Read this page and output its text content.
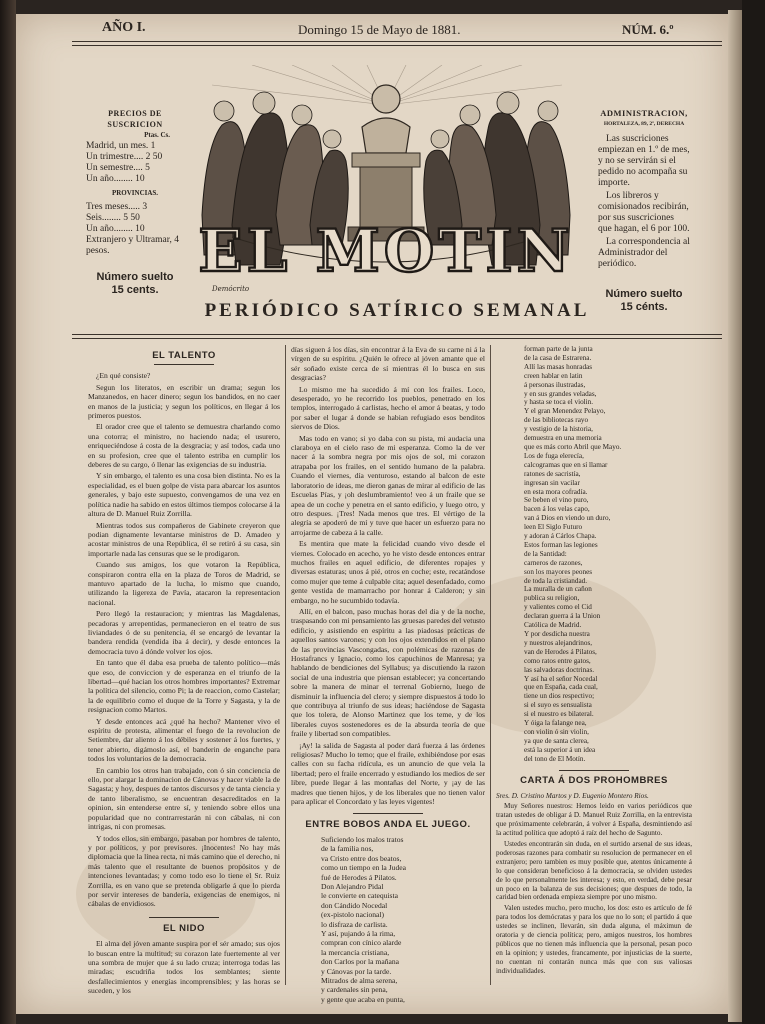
AÑO I.	Domingo 15 de Mayo de 1881.	NÚM. 6.º
PRECIOS DE SUSCRICION
Ptas. Cs.
Madrid, un mes. 1
Un trimestre.... 2 50
Un semestre.... 5
Un año........ 10
PROVINCIAS.
Tres meses..... 3
Seis........ 5 50
Un año........ 10
Extranjero y Ultramar, 4 pesos.
Número suelto
15 cents.
ADMINISTRACION,
HORTALEZA, 89, 2º, DERECHA
Las suscriciones empiezan en 1.º de mes, y no se servirán si el pedido no acompaña su importe.
Los libreros y comisionados recibirán, por sus suscriciones que hagan, el 6 por 100.
La correspondencia al Administrador del periódico.
Número suelto
15 cénts.
EL MOTIN
Demócrito
PERIÓDICO SATÍRICO SEMANAL
EL TALENTO

¿En qué consiste?

Segun los literatos, en escribir un drama; segun los Manzanedos, en hacer dinero; segun los bandidos, en no caer en manos de la justicia; y segun los políticos, en llegar á los primeros puestos.

El orador cree que el talento se demuestra charlando como una cotorra; el ministro, no haciendo nada; el usurero, enriqueciéndose á costa de la desgracia; y así todos, cada uno en su profesion, cree que el talento estriba en cumplir los deberes de su cargo, ó llenar las exigencias de su industria.

Y sin embargo, el talento es una cosa bien distinta. No es la especialidad, es el buen golpe de vista para abarcar los asuntos generales, y bajo este supuesto, convengamos de una vez en política nadie ha sabido en estos últimos tiempos colocarse á la altura de D. Manuel Ruiz Zorrilla.

Mientras todos sus compañeros de Gabinete creyeron que podian dignamente levantarse ministros de D. Amadeo y acostar ministros de una República, él se retiró á su casa, sin importarle nada las censuras que se le prodigaron.

Cuando sus amigos, los que votaron la República, conspiraron contra ella en la plaza de Toros de Madrid, se mantuvo apartado de la lucha, lo mismo que cuando, utilizando la ligereza de Pavía, atacaron la representacion nacional.

Pero llegó la restauracion; y mientras las Magdalenas, pecadoras y arrepentidas, permanecieron en el teatro de sus liviandades ó de su penitencia, él se encargó de levantar la bandera rendida (vendida iba á decir), y desde entonces la democracia tuvo á dónde volver los ojos.

En tanto que él daba esa prueba de talento político—más que eso, de conviccion y de esperanza en el triunfo de la libertad—qué hacian los otros hombres importantes? Extremar la política del silencio, como Pi; la de reaccion, como Castelar; la de equilibrio como el duque de la Torre y Sagasta, y la de resignacion como Martos.

Y desde entonces acá ¿qué ha hecho? Mantener vivo el espíritu de protesta, alimentar el fuego de la revolucion de Setiembre, dar aliento á los débiles y sostener á los fuertes, y tener abierto, digámoslo así, el banderin de enganche para todos los voluntarios de la democracia.

En cambio los otros han trabajado, con ó sin conciencia de ello, por alargar la dominacion de Cánovas y hacer viable la de Sagasta; y hoy, despues de tantos discursos y de tanta ciencia y de tanto liberalismo, se encuentran desacreditados en la opinion, sin entenderse entre sí, y teniendo sobre ellos una popularidad que no contrarrestarán ni con cábalas, ni con intrigas, ni con promesas.

Y todos ellos, sin embargo, pasaban por hombres de talento, y por políticos, y por previsores. ¡Inocentes! No hay más diplomacia que la línea recta, ni más camino que el derecho, ni más talento que el resultante de buenos propósitos y de intenciones levantadas; y como todo eso lo tiene el Sr. Ruiz Zorrilla, es en vano que se pretenda obligarle á que lo pierda por servir intereses de bandería, exigencias de enemigos, ni cábalas de envidiosos.

EL NIDO

El alma del jóven amante suspira por el sér amado; sus ojos lo buscan entre la multitud; su corazon late fuertemente al ver una sombra de mujer que á su lado cruza; interroga todas las miradas; escudriña todos los semblantes; siente desfallecimientos y energías incomprensibles; y las horas se suceden, y los

días siguen á los días, sin encontrar á la Eva de su carne ni á la vírgen de su espíritu. ¿Quién le ofrece al jóven amante que el sér soñado existe cerca de sí mientras él lo busca en sus desgracias?

Lo mismo me ha sucedido á mí con los frailes. Loco, desesperado, yo he recorrido los pueblos, penetrado en los templos, interrogado á carlistas, hecho el amor á beatas, y todo por saber el lugar á donde se habian refugiado esos benditos siervos de Dios.

Mas todo en vano; si yo daba con su pista, mi audacia una claraboya en el cielo raso de mi esperanza. Como la de ver nacer á la sombra negra por mis ojos de sol, mi corazon atrapaba por los frailes, en el sentido humano de la palabra. Cuando el viernes, día venturoso, estando al balcon de este laboratorio de ideas, me dieron ganas de mirar al edificio de las Escuelas Pías, y ¡oh deslumbramiento! veo á un fraile que se apea de un coche y penetra en el santo edificio, y luego otro, y otro despues. ¡Tres! Nada menos que tres. El vértigo de la alegría se apoderó de mí y tuve que hacer un esfuerzo para no arrojarme de cabeza á la calle.

Es mentira que mate la felicidad cuando vivo desde el viernes. Colocado en acecho, yo he visto desde entonces entrar muchos frailes en aquel edificio, de diferentes ropajes y diversas estaturas; unos á pié, otros en coche; este, recatándose como mujer que teme á culpable cita; aquel desenfadado, como gente vestida de mamarracho por honrar á Calderon; y sin embargo, no he sucumbido todavía.

Allí, en el balcon, paso muchas horas del dia y de la noche, traspasando con mi pensamiento las gruesas paredes del vetusto edificio, y asistiendo en espíritu a las piadosas prácticas de aquellos santos varones; y con los ojos extendidos en el plano de las provincias Vascongadas, con polémicas de razonas de Hostafrancs y Ignacio, como los capuchinos de Manresa; ya hablando de bendiciones del Syllabus; ya discutiendo la razon social de una industria que piensan establecer; ya concertando sobre la manera de minar el terrenal Gobierno, luego de disminuir la influencia del clero; y siempre dispuestos á todo lo que contribuya al triunfo de sus ideas; haciéndose de Sagasta que los tolera, de Alonso Martinez que los teme, y de los liberales cuyos sostenedores es de la absurda teoría de que fraile y libertad son compatibles.

¡Ay! la salida de Sagasta al poder dará fuerza á las órdenes religiosas? Mucho lo temo; que el fraile, exhibiéndose por esas calles con su facha ridícula, es un anuncio de que vela la libertad; pero el fraile encerrado y estudiando los medios de ser libre, puede llegar á las montañas del Norte, y ¡ay de las madres que tienen hijos, y de los liberales que no tienen valor para aplicar el Concordato y las leyes vigentes!

ENTRE BOBOS ANDA EL JUEGO.
Suficiendo los malos tratos
de la familia nos,
va Cristo entre dos beatos,
como un tiempo en la Judea
fué de Herodes á Pilatos.
Don Alejandro Pidal
le convierte en catequista
don Cándido Nocedal
(ex-pistolo nacional)
lo disfraza de carlista.
Y así, pujando á la rima,
compran con cínico alarde
la mercancía cristiana,
don Carlos por la mañana
y Cánovas por la tarde.
Mitrados de alma serena,
y cardenales sin pena,
y gente que acaba en punta,
forman parte de la junta
de la casa de Estrarena.
Allí las masas honradas
creen hablar en latin
á personas ilustradas,
y en sus grandes veladas,
y hasta se toca el violin.
Y el gran Menendez Pelayo,
de las bibliotecas rayo
y vestigio de la historia,
demuestra en una memoria
que es más corto Abril que Mayo.
Los de fuga elerecía,
calcogramas que en sí llamar
ratones de sacristía,
ingresan sin vacilar
en esta mora cofradía.
Se beben el vino puro,
bacen á los velas capo,
van á Dios en viendo un duro,
leen El Siglo Futuro
y adoran á Cárlos Chapa.
Estos forman las legiones
de la Santidad:
carneros de razones,
son los mayores peones
de toda la cristiandad.
La muralla de un cañon
publica su religion,
y valientes como el Cid
declaran guerra á la Union
Católica de Madrid.
Y por desdicha nuestra
y nuestros alejandrinos,
van de Herodes á Pilatos,
como ratos entre gatos,
las salvadoras doctrinas.
Y así ha el señor Nocedal
que en España, cada cual,
tiene un dios respectivo;
si el suyo es sensualista
si el nuestro es bilateral.
Y óiga la falange nea,
con violin ó sin violin,
ya que de santa clerea,
está la superior á un idea
del tono de El Motín.
CARTA Á DOS PROHOMBRES

Sres. D. Cristino Martos y D. Eugenio Montero Rios.

Muy Señores nuestros: Hemos leido en varios periódicos que tratan ustedes de obligar á D. Manuel Ruiz Zorrilla, en la entrevista que próximamente celebrarán, á volver á España, desmintiendo así la actitud política que adoptó á raíz del hecho de Sagunto.

Ustedes encontrarán sin duda, en el surtido arsenal de sus ideas, poderosas razones para combatir su resolucion de permanecer en el extranjero; pero tambien es muy posible que, atentos únicamente á lo que consideran beneficioso á la democracia, se olviden ustedes de lo que personalmente les interesa; y esto, en verdad, debe pesar un poco en la balanza de sus decisiones; que despues de todo, la caridad bien ordenada empieza siempre por uno mismo.

Valen ustedes mucho, pero mucho, los dos: esto es artículo de fé para todos los demócratas y para los que no lo son; el partido á que ustedes se inclinen, llevarán, sin duda alguna, el máximun de oratoria y de ciencia política; pero, amigos nuestros, los hombres públicos que no tienen más influencia que la personal, pesan poco en la opinion; y ustedes, francamente, por injusticias de la suerte, no cuentan ni contarán nunca más que con sus valiosas individualidades.
